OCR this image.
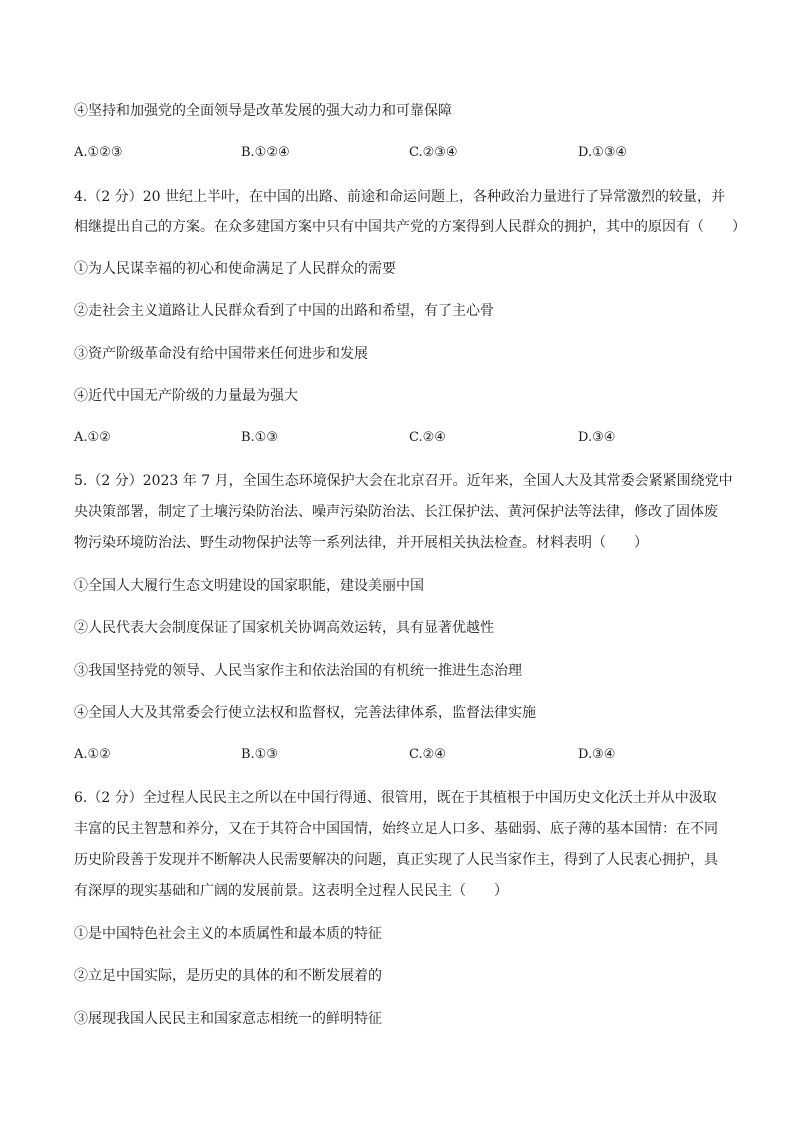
④坚持和加强党的全面领导是改革发展的强大动力和可靠保障
A.①②③	B.①②④	C.②③④	D.①③④
4.（2 分）20 世纪上半叶，在中国的出路、前途和命运问题上，各种政治力量进行了异常激烈的较量，并
相继提出自己的方案。在众多建国方案中只有中国共产党的方案得到人民群众的拥护，其中的原因有（　　）
①为人民谋幸福的初心和使命满足了人民群众的需要
②走社会主义道路让人民群众看到了中国的出路和希望，有了主心骨
③资产阶级革命没有给中国带来任何进步和发展
④近代中国无产阶级的力量最为强大
A.①②	B.①③	C.②④	D.③④
5.（2 分）2023 年 7 月，全国生态环境保护大会在北京召开。近年来，全国人大及其常委会紧紧围绕党中
央决策部署，制定了土壤污染防治法、噪声污染防治法、长江保护法、黄河保护法等法律，修改了固体废
物污染环境防治法、野生动物保护法等一系列法律，并开展相关执法检查。材料表明（　　）
①全国人大履行生态文明建设的国家职能，建设美丽中国
②人民代表大会制度保证了国家机关协调高效运转，具有显著优越性
③我国坚持党的领导、人民当家作主和依法治国的有机统一推进生态治理
④全国人大及其常委会行使立法权和监督权，完善法律体系，监督法律实施
A.①②	B.①③	C.②④	D.③④
6.（2 分）全过程人民民主之所以在中国行得通、很管用，既在于其植根于中国历史文化沃土并从中汲取
丰富的民主智慧和养分，又在于其符合中国国情，始终立足人口多、基础弱、底子薄的基本国情：在不同
历史阶段善于发现并不断解决人民需要解决的问题，真正实现了人民当家作主，得到了人民衷心拥护，具
有深厚的现实基础和广阔的发展前景。这表明全过程人民民主（　　）
①是中国特色社会主义的本质属性和最本质的特征
②立足中国实际，是历史的具体的和不断发展着的
③展现我国人民民主和国家意志相统一的鲜明特征
